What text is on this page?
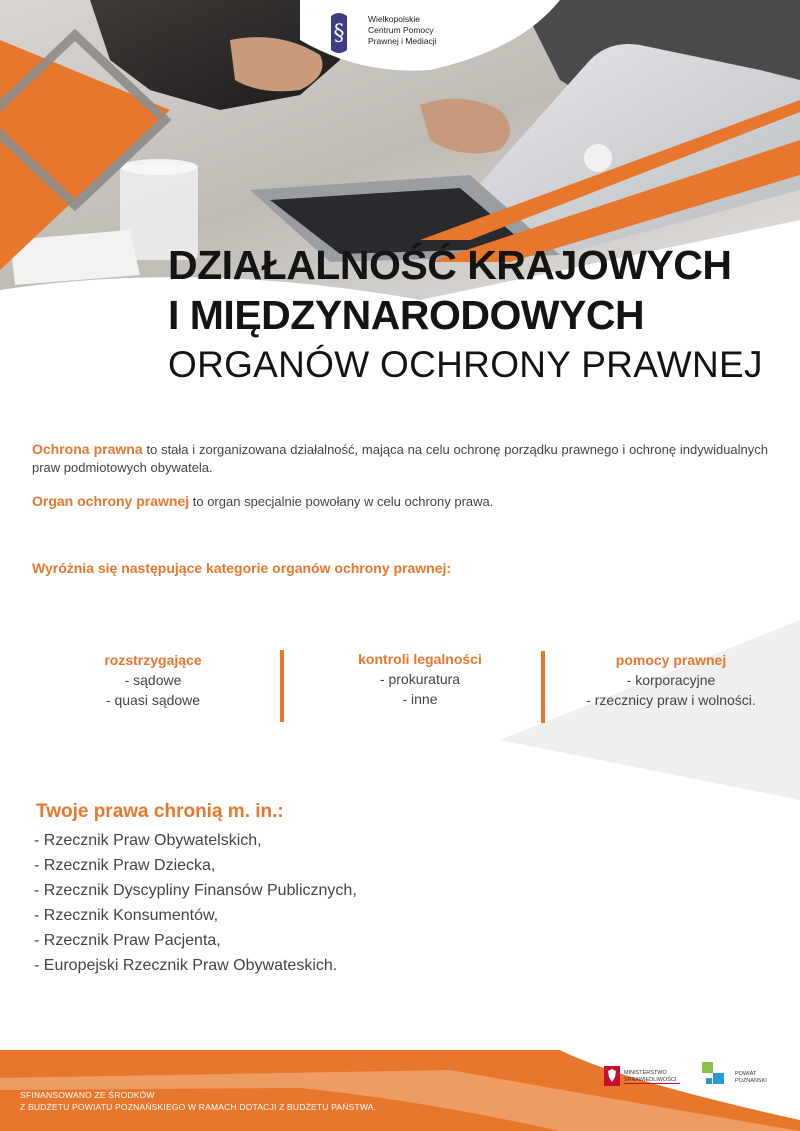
§
Wielkopolskie
Centrum Pomocy
Prawnej i Mediacji
DZIAŁALNOŚĆ KRAJOWYCH
I MIĘDZYNARODOWYCH
ORGANÓW OCHRONY PRAWNEJ
Ochrona prawna to stała i zorganizowana działalność, mająca na celu ochronę porządku prawnego i ochronę indywidualnych praw podmiotowych obywatela.
Organ ochrony prawnej to organ specjalnie powołany w celu ochrony prawa.
Wyróżnia się następujące kategorie organów ochrony prawnej:
rozstrzygające
- sądowe
- quasi sądowe
kontroli legalności
- prokuratura
- inne
pomocy prawnej
- korporacyjne
- rzecznicy praw i wolności.
Twoje prawa chronią m. in.:
- Rzecznik Praw Obywatelskich,
- Rzecznik Praw Dziecka,
- Rzecznik Dyscypliny Finansów Publicznych,
- Rzecznik Konsumentów,
- Rzecznik Praw Pacjenta,
- Europejski Rzecznik Praw Obywateskich.
SFINANSOWANO ZE ŚRODKÓW
Z BUDŻETU POWIATU POZNAŃSKIEGO W RAMACH DOTACJI Z BUDŻETU PAŃSTWA.
MINISTERSTWO
SPRAWIEDLIWOŚCI
POWIAT
POZNAŃSKI
